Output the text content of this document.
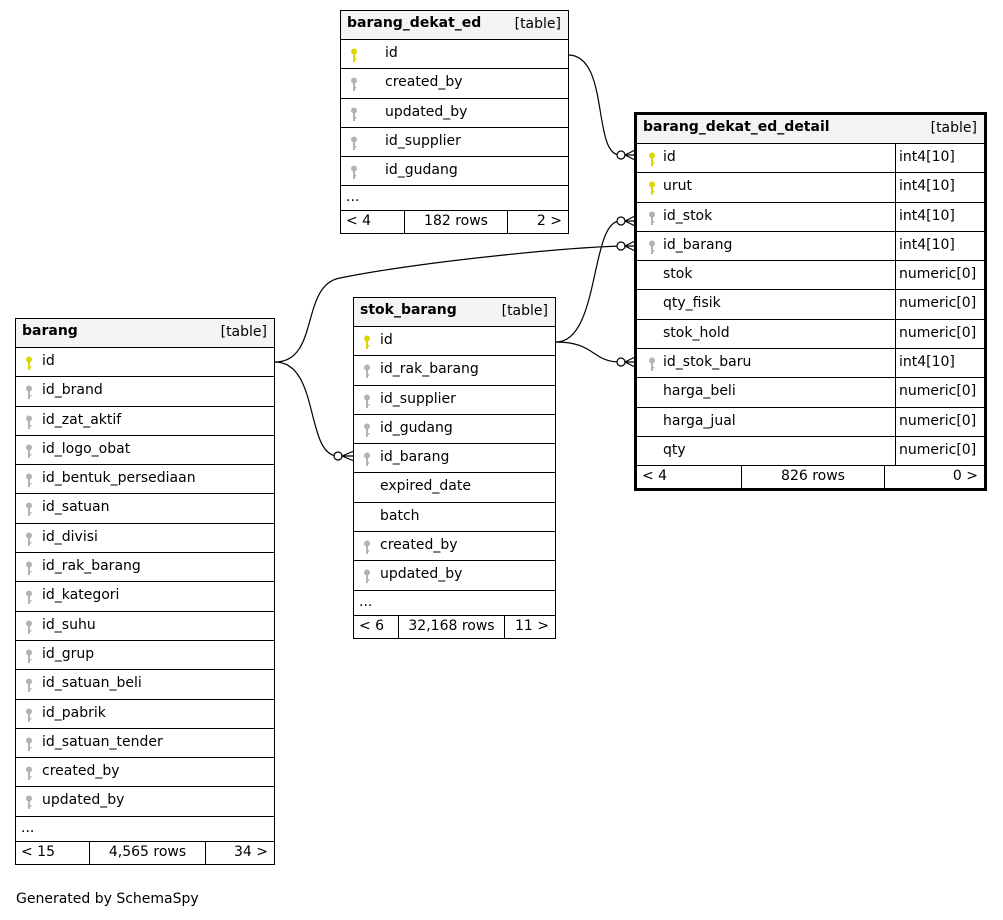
barang_dekat_ed [table]
id
created_by
updated_by
id_supplier
id_gudang
...
< 4	182 rows	2 >
barang_dekat_ed_detail	[table]
id	int4[10]
urut	int4[10]
id_stok	int4[10]
id_barang	int4[10]
stok	numeric[0]
qty_fisik	numeric[0]
stok_hold	numeric[0]
id_stok_baru	int4[10]
harga_beli	numeric[0]
harga_jual	numeric[0]
qty	numeric[0]
< 4	826 rows	0 >
stok_barang	[table]
id
id_rak_barang
id_supplier
id_gudang
id_barang
expired_date
batch
created_by
updated_by
...
< 6	32,168 rows	11 >
barang	[table]
id
id_brand
id_zat_aktif
id_logo_obat
id_bentuk_persediaan
id_satuan
id_divisi
id_rak_barang
id_kategori
id_suhu
id_grup
id_satuan_beli
id_pabrik
id_satuan_tender
created_by
updated_by
...
< 15	4,565 rows	34 >
Generated by SchemaSpy
